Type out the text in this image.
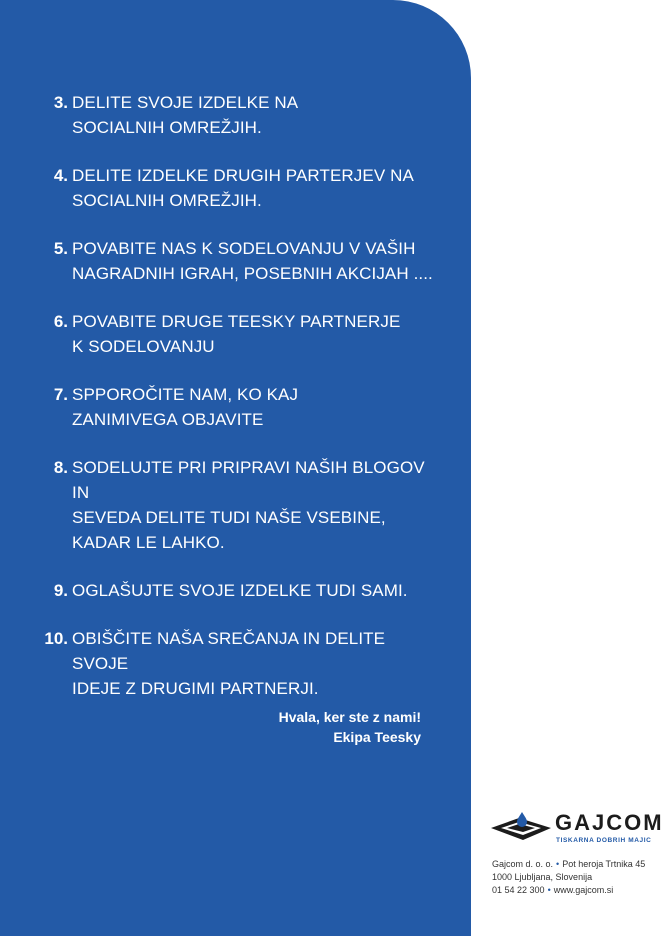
3. DELITE SVOJE IZDELKE NA
SOCIALNIH OMREŽJIH.
4. DELITE IZDELKE DRUGIH PARTERJEV NA
SOCIALNIH OMREŽJIH.
5. POVABITE NAS K SODELOVANJU V VAŠIH
NAGRADNIH IGRAH, POSEBNIH AKCIJAH ....
6. POVABITE DRUGE TEESKY PARTNERJE
K SODELOVANJU
7. SPPOROČITE NAM, KO KAJ
ZANIMIVEGA OBJAVITE
8. SODELUJTE PRI PRIPRAVI NAŠIH BLOGOV IN
SEVEDA DELITE TUDI NAŠE VSEBINE,
KADAR LE LAHKO.
9. OGLAŠUJTE SVOJE IZDELKE TUDI SAMI.
10. OBIŠČITE NAŠA SREČANJA IN DELITE SVOJE
IDEJE Z DRUGIMI PARTNERJI.
Hvala, ker ste z nami!
Ekipa Teesky
GAJCOM
TISKARNA DOBRIH MAJIC
Gajcom d. o. o. • Pot heroja Trtnika 45
1000 Ljubljana, Slovenija
01 54 22 300 • www.gajcom.si
